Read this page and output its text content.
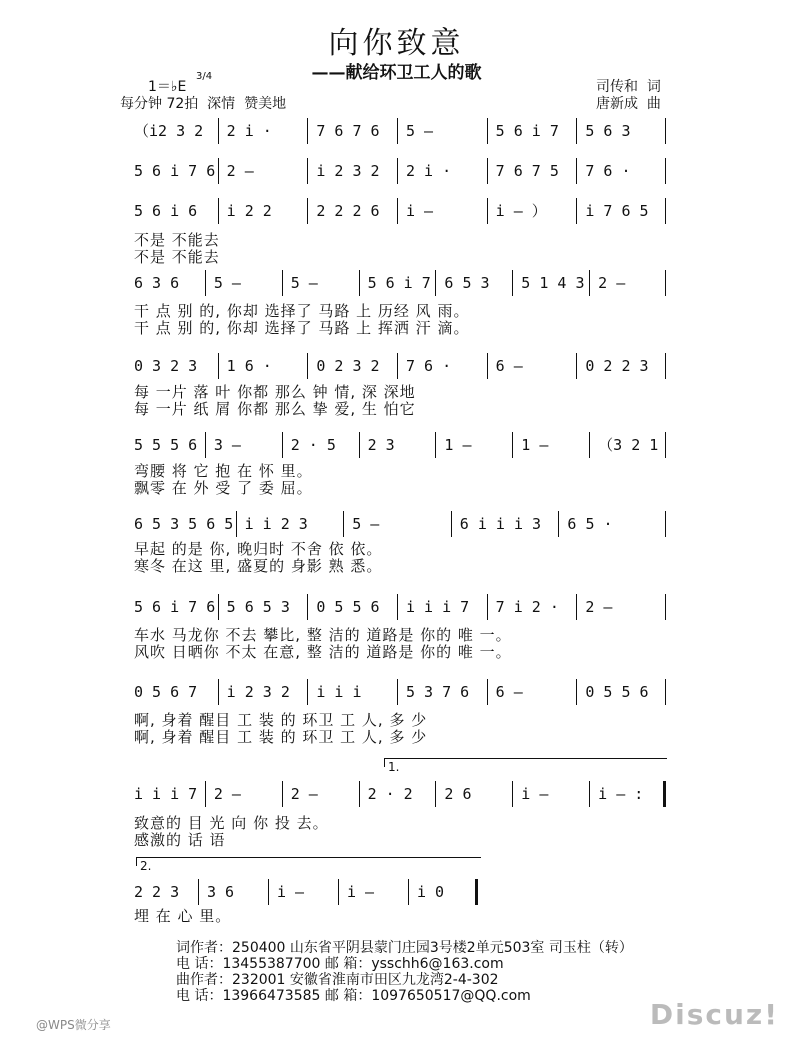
向你致意
——献给环卫工人的歌
1＝♭E
3/4
每分钟 72拍  深情  赞美地
司传和  词
唐新成  曲
（i2 3 2	2 i ·	7 6 7 6	5 —	5 6 i 7	5 6 3
5 6 i 7 6 2 —	i 2 3 2	2 i ·	7 6 7 5	7 6 ·
5 6 i 6	i 2 2	2 2 2 6	i —	i — ）	i 7 6 5
6 3 6	5 —	5 —	5 6 i 7 6 5 3	5 1 4 3 2 —
0 3 2 3	1 6 ·	0 2 3 2	7 6 ·	6 —	0 2 2 3
5 5 5 6	3 —	2 · 5	2 3	1 —	1 —	（3 2 1
6 5 3 5 6 5 i i 2 3	5 —	6 i i i 3	6 5 ·
5 6 i 7 6 5 6 5 3	0 5 5 6	i i i 7	7 i 2 ·	2 —
0 5 6 7	i 2 3 2	i i i	5 3 7 6	6 —	0 5 5 6
i i i 7	2 —	2 —	2 · 2	2 6	i —	i — :
2 2 3	3 6	i —	i —	i 0
不是 不能去
不是 不能去
干 点 别 的, 你却 选择了 马路 上 历经 风 雨。
干 点 别 的, 你却 选择了 马路 上 挥洒 汗 滴。
每 一片 落 叶 你都 那么 钟 情, 深 深地
每 一片 纸 屑 你都 那么 挚 爱, 生 怕它
弯腰 将 它 抱 在 怀 里。
飘零 在 外 受 了 委 屈。
早起 的是 你, 晚归时 不舍 依 依。
寒冬 在这 里, 盛夏的 身影 熟 悉。
车水 马龙你 不去 攀比, 整 洁的 道路是 你的 唯 一。
风吹 日晒你 不太 在意, 整 洁的 道路是 你的 唯 一。
啊, 身着 醒目 工 装 的 环卫 工 人, 多 少
啊, 身着 醒目 工 装 的 环卫 工 人, 多 少
致意的 目 光 向 你 投 去。
感激的 话 语
埋 在 心 里。
1.
2.
词作者：250400 山东省平阴县蒙门庄园3号楼2单元503室 司玉柱（转）
电 话：13455387700 邮 箱：ysschh6@163.com
曲作者：232001 安徽省淮南市田区九龙湾2-4-302
电 话：13966473585 邮 箱：1097650517@QQ.com
@WPS微分享	Discuz!
